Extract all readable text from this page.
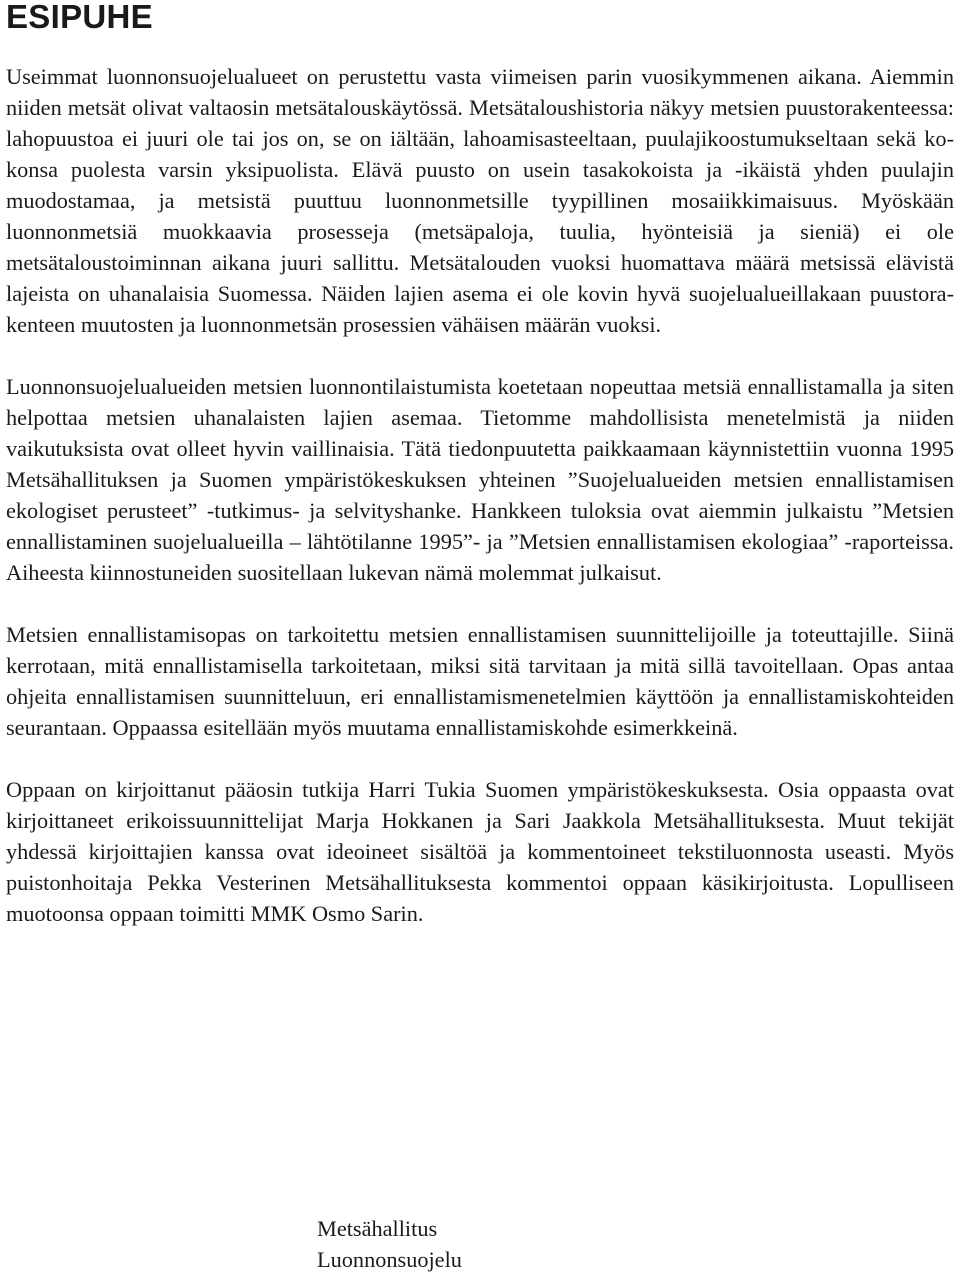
ESIPUHE

Useimmat luonnonsuojelualueet on perustettu vasta viimeisen parin vuosikymmenen aikana. Aiemmin niiden metsät olivat valtaosin metsätalouskäytössä. Metsätaloushistoria näkyy metsien puustorakenteessa: lahopuustoa ei juuri ole tai jos on, se on iältään, lahoamisasteeltaan, puulajikoostumukseltaan sekä kokonsa puolesta varsin yksipuolista. Elävä puusto on usein tasakokoista ja -ikäistä yhden puulajin muodostamaa, ja metsistä puuttuu luonnonmetsille tyypillinen mosaiikkimaisuus. Myöskään luonnonmetsiä muokkaavia prosesseja (metsäpaloja, tuulia, hyönteisiä ja sieniä) ei ole metsätaloustoiminnan aikana juuri sallittu. Metsätalouden vuoksi huomattava määrä metsissä elävistä lajeista on uhanalaisia Suomessa. Näiden lajien asema ei ole kovin hyvä suojelualueillakaan puustorakenteen muutosten ja luonnonmetsän prosessien vähäisen määrän vuoksi.

Luonnonsuojelualueiden metsien luonnontilaistumista koetetaan nopeuttaa metsiä ennallistamalla ja siten helpottaa metsien uhanalaisten lajien asemaa. Tietomme mahdollisista menetelmistä ja niiden vaikutuksista ovat olleet hyvin vaillinaisia. Tätä tiedonpuutetta paikkaamaan käynnistettiin vuonna 1995 Metsähallituksen ja Suomen ympäristökeskuksen yhteinen ”Suojelualueiden metsien ennallistamisen ekologiset perusteet” -tutkimus- ja selvityshanke. Hankkeen tuloksia ovat aiemmin julkaistu ”Metsien ennallistaminen suojelualueilla – lähtötilanne 1995”- ja ”Metsien ennallistamisen ekologiaa” -raporteissa. Aiheesta kiinnostuneiden suositellaan lukevan nämä molemmat julkaisut.

Metsien ennallistamisopas on tarkoitettu metsien ennallistamisen suunnittelijoille ja toteuttajille. Siinä kerrotaan, mitä ennallistamisella tarkoitetaan, miksi sitä tarvitaan ja mitä sillä tavoitellaan. Opas antaa ohjeita ennallistamisen suunnitteluun, eri ennallistamismenetelmien käyttöön ja ennallistamiskohteiden seurantaan. Oppaassa esitellään myös muutama ennallistamiskohde esimerkkeinä.

Oppaan on kirjoittanut pääosin tutkija Harri Tukia Suomen ympäristökeskuksesta. Osia oppaasta ovat kirjoittaneet erikoissuunnittelijat Marja Hokkanen ja Sari Jaakkola Metsähallituksesta. Muut tekijät yhdessä kirjoittajien kanssa ovat ideoineet sisältöä ja kommentoineet tekstiluonnosta useasti. Myös puistonhoitaja Pekka Vesterinen Metsähallituksesta kommentoi oppaan käsikirjoitusta. Lopulliseen muotoonsa oppaan toimitti MMK Osmo Sarin.

Metsähallitus
Luonnonsuojelu
